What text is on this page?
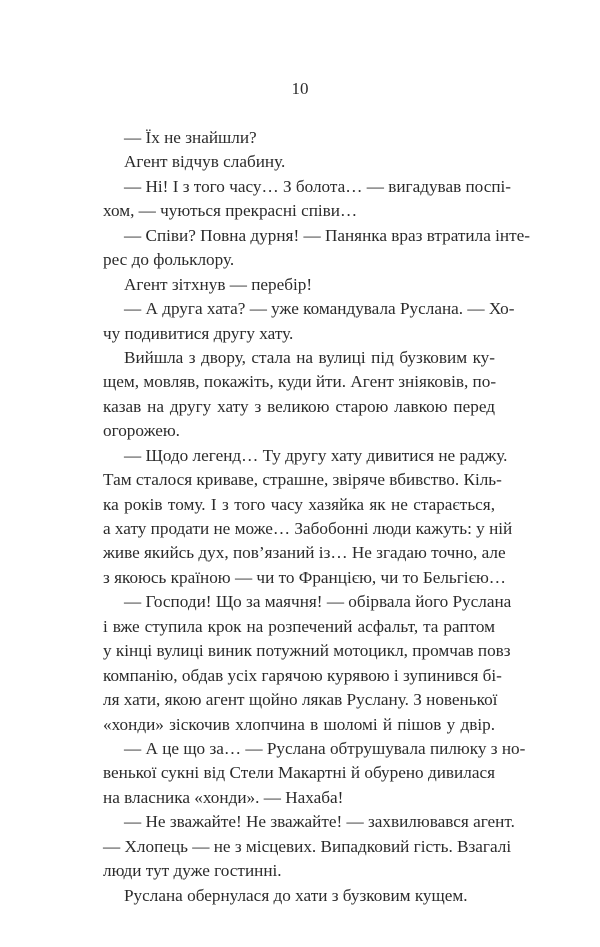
10
— Їх не знайшли?
Агент відчув слабину.
— Ні! І з того часу… З болота… — вигадував поспі-
хом, — чуються прекрасні співи…
— Співи? Повна дурня! — Панянка враз втратила інте-
рес до фольклору.
Агент зітхнув — перебір!
— А друга хата? — уже командувала Руслана. — Хо-
чу подивитися другу хату.
Вийшла з двору, стала на вулиці під бузковим ку-
щем, мовляв, покажіть, куди йти. Агент зніяковів, по-
казав на другу хату з великою старою лавкою перед
огорожею.
— Щодо легенд… Ту другу хату дивитися не раджу.
Там сталося криваве, страшне, звіряче вбивство. Кіль-
ка років тому. І з того часу хазяйка як не старається,
а хату продати не може… Забобонні люди кажуть: у ній
живе якийсь дух, пов’язаний із… Не згадаю точно, але
з якоюсь країною — чи то Францією, чи то Бельгією…
— Господи! Що за маячня! — обірвала його Руслана
і вже ступила крок на розпечений асфальт, та раптом
у кінці вулиці виник потужний мотоцикл, промчав повз
компанію, обдав усіх гарячою курявою і зупинився бі-
ля хати, якою агент щойно лякав Руслану. З новенької
«хонди» зіскочив хлопчина в шоломі й пішов у двір.
— А це що за… — Руслана обтрушувала пилюку з но-
венької сукні від Стели Макартні й обурено дивилася
на власника «хонди». — Нахаба!
— Не зважайте! Не зважайте! — захвилювався агент.
— Хлопець — не з місцевих. Випадковий гість. Взагалі
люди тут дуже гостинні.
Руслана обернулася до хати з бузковим кущем.
